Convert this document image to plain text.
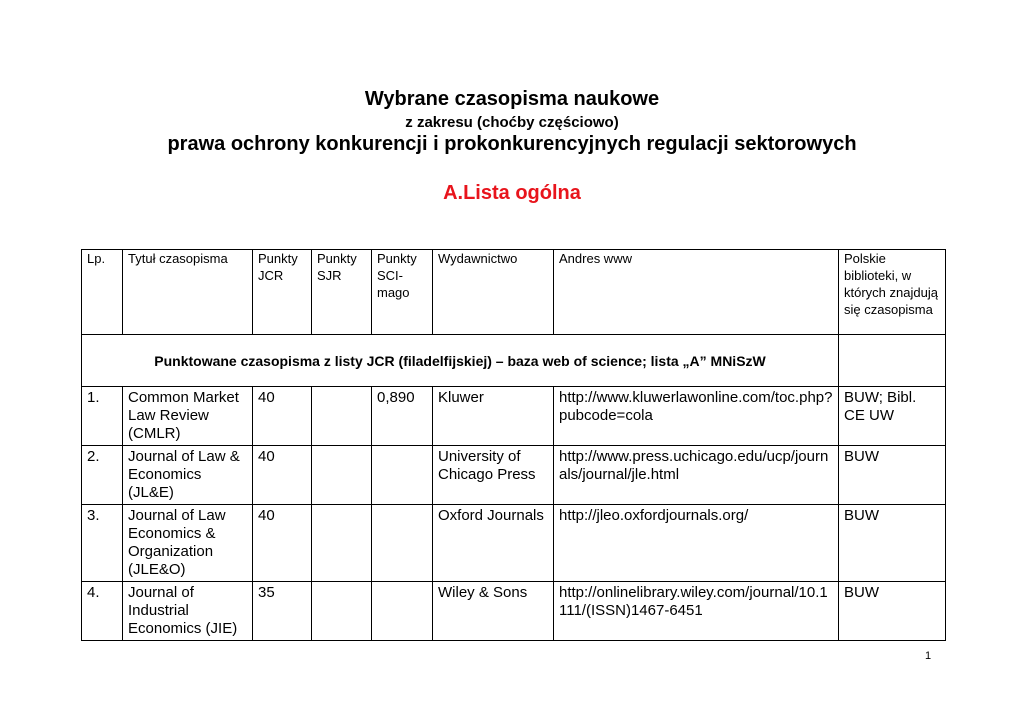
Wybrane czasopisma naukowe
z zakresu (choćby częściowo)
prawa ochrony konkurencji i prokonkurencyjnych regulacji sektorowych
A.Lista ogólna
Lp.	Tytuł czasopisma	Punkty JCR	Punkty SJR	Punkty SCI-mago	Wydawnictwo	Andres www	Polskie biblioteki, w których znajdują się czasopisma
Punktowane czasopisma z listy JCR (filadelfijskiej) – baza web of science; lista „A” MNiSzW							
1.	Common Market Law Review (CMLR)	40		0,890	Kluwer	http://www.kluwerlawonline.com/toc.php?pubcode=cola	BUW; Bibl. CE UW
2.	Journal of Law & Economics (JL&E)	40			University of Chicago Press	http://www.press.uchicago.edu/ucp/journals/journal/jle.html	BUW
3.	Journal of Law Economics & Organization (JLE&O)	40			Oxford Journals	http://jleo.oxfordjournals.org/	BUW
4.	Journal of Industrial Economics (JIE)	35			Wiley & Sons	http://onlinelibrary.wiley.com/journal/10.1111/(ISSN)1467-6451	BUW
1
